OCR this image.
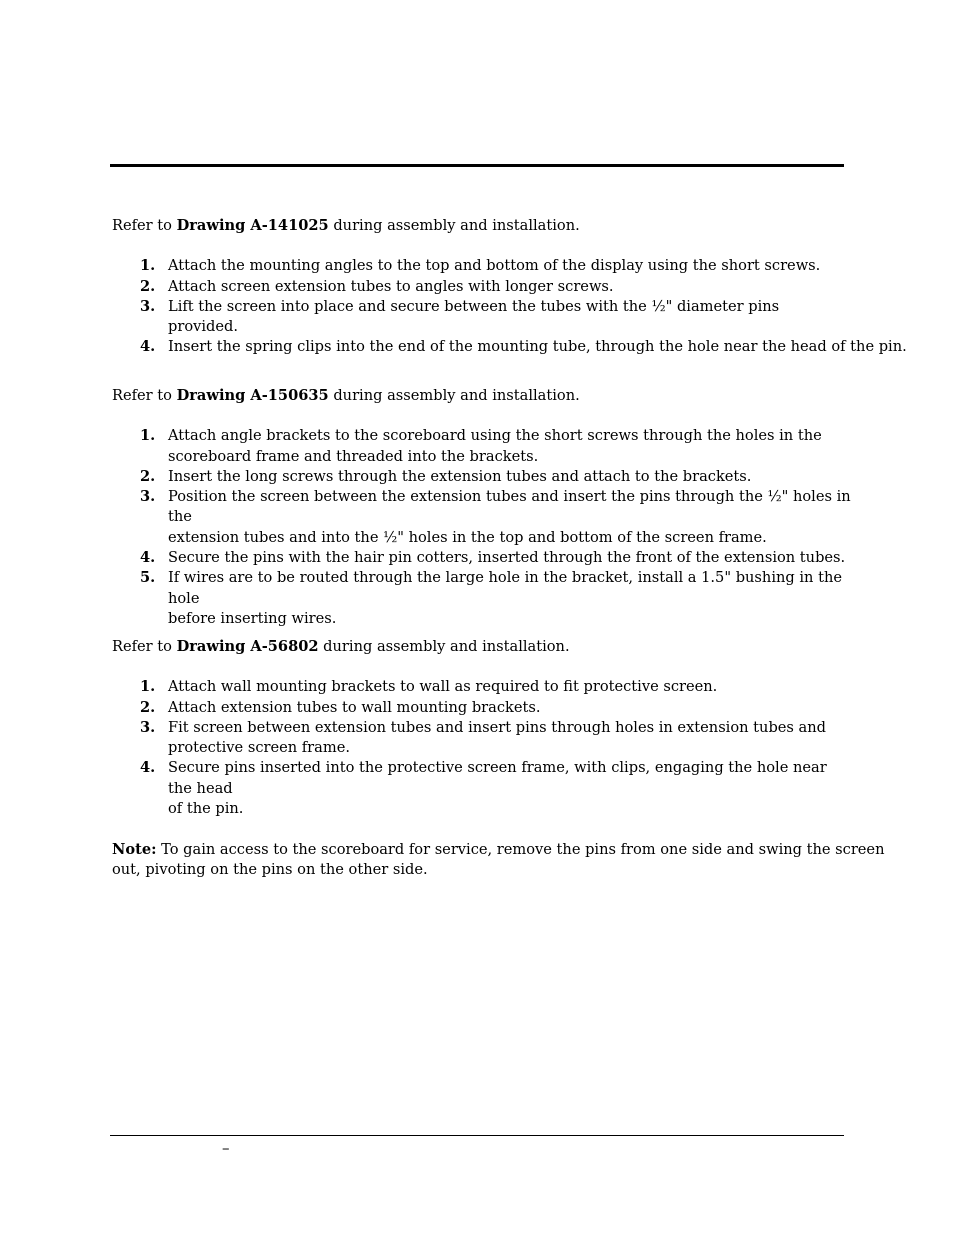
Refer to Drawing A-141025 during assembly and installation.

1. Attach the mounting angles to the top and bottom of the display using the short screws.
2. Attach screen extension tubes to angles with longer screws.
3. Lift the screen into place and secure between the tubes with the ½" diameter pins provided.
4. Insert the spring clips into the end of the mounting tube, through the hole near the head of the pin.

Refer to Drawing A-150635 during assembly and installation.

1. Attach angle brackets to the scoreboard using the short screws through the holes in the
scoreboard frame and threaded into the brackets.
2. Insert the long screws through the extension tubes and attach to the brackets.
3. Position the screen between the extension tubes and insert the pins through the ½" holes in the
extension tubes and into the ½" holes in the top and bottom of the screen frame.
4. Secure the pins with the hair pin cotters, inserted through the front of the extension tubes.
5. If wires are to be routed through the large hole in the bracket, install a 1.5" bushing in the hole
before inserting wires.

Refer to Drawing A-56802 during assembly and installation.

1. Attach wall mounting brackets to wall as required to fit protective screen.
2. Attach extension tubes to wall mounting brackets.
3. Fit screen between extension tubes and insert pins through holes in extension tubes and
protective screen frame.
4. Secure pins inserted into the protective screen frame, with clips, engaging the hole near the head
of the pin.
Note: To gain access to the scoreboard for service, remove the pins from one side and swing the screen
out, pivoting on the pins on the other side.
–
